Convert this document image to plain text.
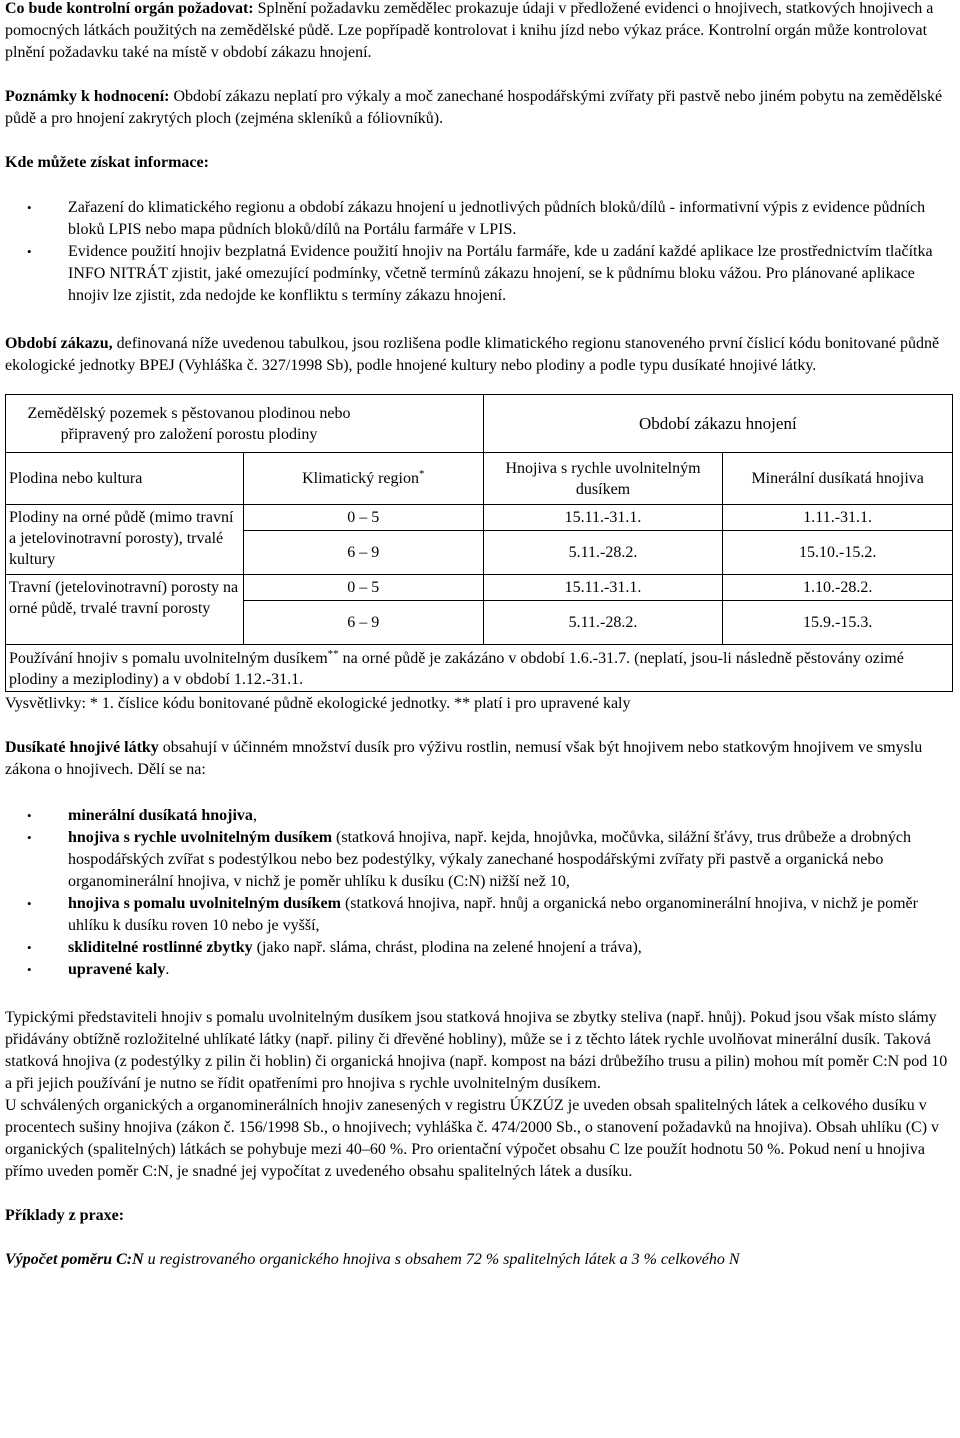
Co bude kontrolní orgán požadovat: Splnění požadavku zemědělec prokazuje údaji v předložené evidenci o hnojivech, statkových hnojivech a pomocných látkách použitých na zemědělské půdě. Lze popřípadě kontrolovat i knihu jízd nebo výkaz práce. Kontrolní orgán může kontrolovat plnění požadavku také na místě v období zákazu hnojení.

Poznámky k hodnocení: Období zákazu neplatí pro výkaly a moč zanechané hospodářskými zvířaty při pastvě nebo jiném pobytu na zemědělské půdě a pro hnojení zakrytých ploch (zejména skleníků a fóliovníků).

Kde můžete získat informace:

• Zařazení do klimatického regionu a období zákazu hnojení u jednotlivých půdních bloků/dílů - informativní výpis z evidence půdních bloků LPIS nebo mapa půdních bloků/dílů na Portálu farmáře v LPIS.
• Evidence použití hnojiv bezplatná Evidence použití hnojiv na Portálu farmáře, kde u zadání každé aplikace lze prostřednictvím tlačítka INFO NITRÁT zjistit, jaké omezující podmínky, včetně termínů zákazu hnojení, se k půdnímu bloku vážou. Pro plánované aplikace hnojiv lze zjistit, zda nedojde ke konfliktu s termíny zákazu hnojení.

Období zákazu, definovaná níže uvedenou tabulkou, jsou rozlišena podle klimatického regionu stanoveného první číslicí kódu bonitované půdně ekologické jednotky BPEJ (Vyhláška č. 327/1998 Sb), podle hnojené kultury nebo plodiny a podle typu dusíkaté hnojivé látky.

Zemědělský pozemek s pěstovanou plodinou nebo připravený pro založení porostu plodiny		Období zákazu hnojení	
Plodina nebo kultura	Klimatický region*	Hnojiva s rychle uvolnitelným dusíkem	Minerální dusíkatá hnojiva
Plodiny na orné půdě (mimo travní a jetelovinotravní porosty), trvalé kultury	0 – 5	15.11.-31.1.	1.11.-31.1.
	6 – 9	5.11.-28.2.	15.10.-15.2.
Travní (jetelovinotravní) porosty na orné půdě, trvalé travní porosty	0 – 5	15.11.-31.1.	1.10.-28.2.
	6 – 9	5.11.-28.2.	15.9.-15.3.
Používání hnojiv s pomalu uvolnitelným dusíkem** na orné půdě je zakázáno v období 1.6.-31.7. (neplatí, jsou-li následně pěstovány ozimé plodiny a meziplodiny) a v období 1.12.-31.1.			

Vysvětlivky: * 1. číslice kódu bonitované půdně ekologické jednotky. ** platí i pro upravené kaly

Dusíkaté hnojivé látky obsahují v účinném množství dusík pro výživu rostlin, nemusí však být hnojivem nebo statkovým hnojivem ve smyslu zákona o hnojivech. Dělí se na:

• minerální dusíkatá hnojiva,
• hnojiva s rychle uvolnitelným dusíkem (statková hnojiva, např. kejda, hnojůvka, močůvka, silážní šťávy, trus drůbeže a drobných hospodářských zvířat s podestýlkou nebo bez podestýlky, výkaly zanechané hospodářskými zvířaty při pastvě a organická nebo organominerální hnojiva, v nichž je poměr uhlíku k dusíku (C:N) nižší než 10,
• hnojiva s pomalu uvolnitelným dusíkem (statková hnojiva, např. hnůj a organická nebo organominerální hnojiva, v nichž je poměr uhlíku k dusíku roven 10 nebo je vyšší,
• skliditelné rostlinné zbytky (jako např. sláma, chrást, plodina na zelené hnojení a tráva),
• upravené kaly.

Typickými představiteli hnojiv s pomalu uvolnitelným dusíkem jsou statková hnojiva se zbytky steliva (např. hnůj). Pokud jsou však místo slámy přidávány obtížně rozložitelné uhlíkaté látky (např. piliny či dřevěné hobliny), může se i z těchto látek rychle uvolňovat minerální dusík. Taková statková hnojiva (z podestýlky z pilin či hoblin) či organická hnojiva (např. kompost na bázi drůbežího trusu a pilin) mohou mít poměr C:N pod 10 a při jejich používání je nutno se řídit opatřeními pro hnojiva s rychle uvolnitelným dusíkem.

U schválených organických a organominerálních hnojiv zanesených v registru ÚKZÚZ je uveden obsah spalitelných látek a celkového dusíku v procentech sušiny hnojiva (zákon č. 156/1998 Sb., o hnojivech; vyhláška č. 474/2000 Sb., o stanovení požadavků na hnojiva). Obsah uhlíku (C) v organických (spalitelných) látkách se pohybuje mezi 40–60 %. Pro orientační výpočet obsahu C lze použít hodnotu 50 %. Pokud není u hnojiva přímo uveden poměr C:N, je snadné jej vypočítat z uvedeného obsahu spalitelných látek a dusíku.

Příklady z praxe:

Výpočet poměru C:N u registrovaného organického hnojiva s obsahem 72 % spalitelných látek a 3 % celkového N
